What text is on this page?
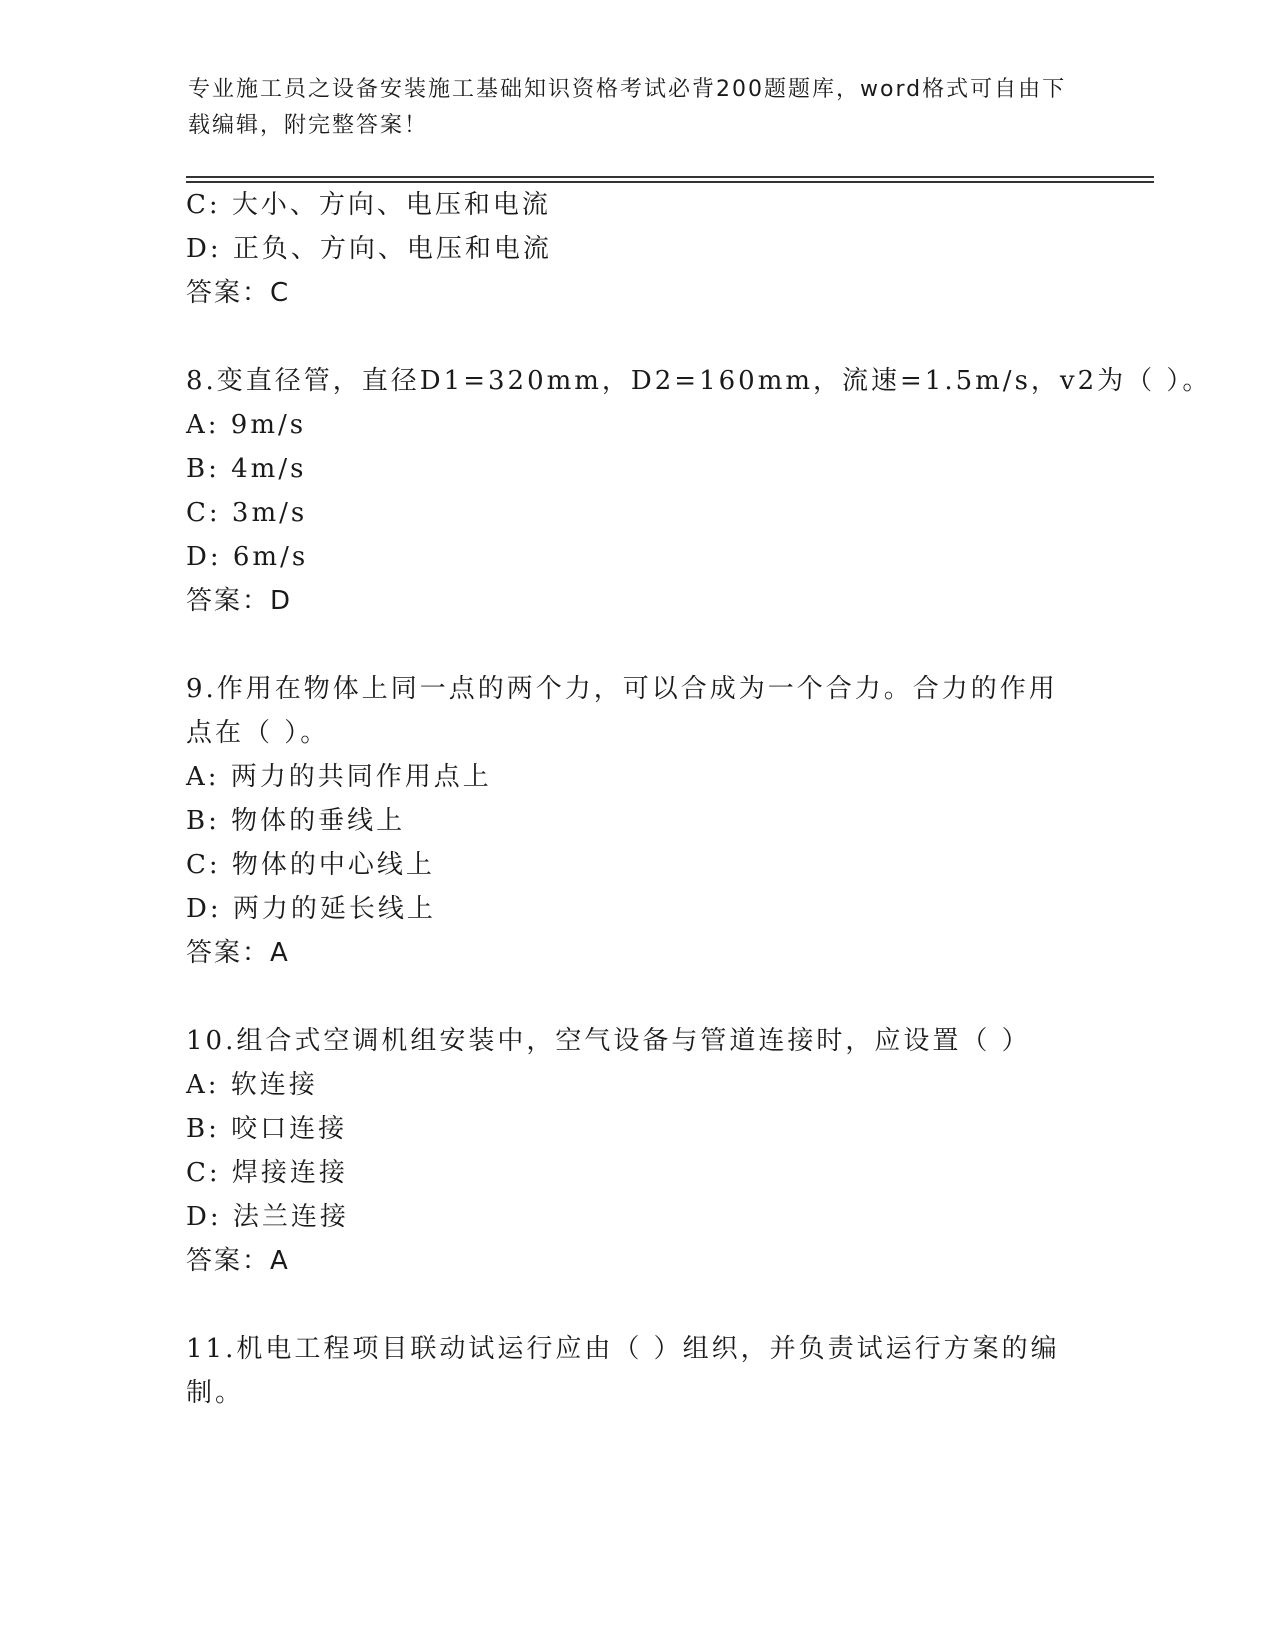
专业施工员之设备安装施工基础知识资格考试必背200题题库，word格式可自由下载编辑，附完整答案！
C: 大小、方向、电压和电流
D: 正负、方向、电压和电流
答案：C
8.变直径管，直径D1=320mm，D2=160mm，流速=1.5m/s，v2为（ ）。
A: 9m/s
B: 4m/s
C: 3m/s
D: 6m/s
答案：D
9.作用在物体上同一点的两个力，可以合成为一个合力。合力的作用
点在（ ）。
A: 两力的共同作用点上
B: 物体的垂线上
C: 物体的中心线上
D: 两力的延长线上
答案：A
10.组合式空调机组安装中，空气设备与管道连接时，应设置（ ）
A: 软连接
B: 咬口连接
C: 焊接连接
D: 法兰连接
答案：A
11.机电工程项目联动试运行应由（ ）组织，并负责试运行方案的编
制。
